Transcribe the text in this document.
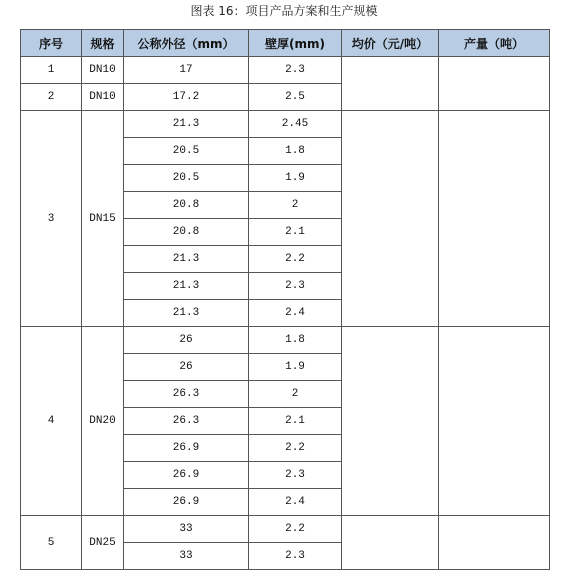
图表 16：项目产品方案和生产规模
序号	规格	公称外径（mm）	壁厚(mm)	均价（元/吨）	产量（吨）
1	DN10	17	2.3		
2	DN10	17.2	2.5		
3	DN15	21.3	2.45		
		20.5	1.8		
		20.5	1.9		
		20.8	2		
		20.8	2.1		
		21.3	2.2		
		21.3	2.3		
		21.3	2.4		
4	DN20	26	1.8		
		26	1.9		
		26.3	2		
		26.3	2.1		
		26.9	2.2		
		26.9	2.3		
		26.9	2.4		
5	DN25	33	2.2		
		33	2.3		
